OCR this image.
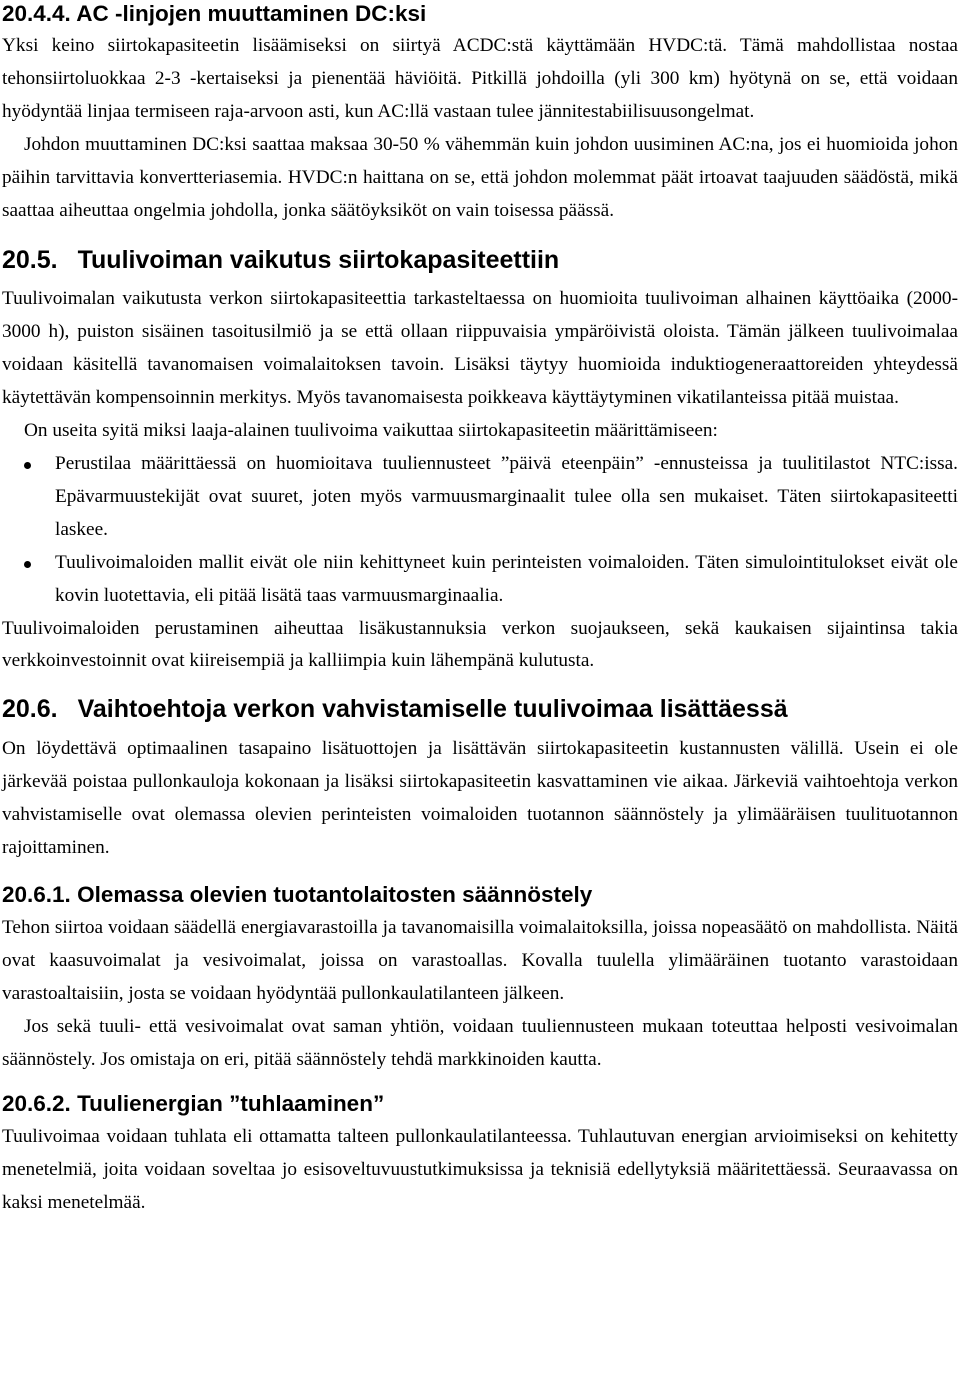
20.4.4. AC -linjojen muuttaminen DC:ksi

Yksi keino siirtokapasiteetin lisäämiseksi on siirtyä ACDC:stä käyttämään HVDC:tä. Tämä mahdollistaa nostaa tehonsiirtoluokkaa 2-3 -kertaiseksi ja pienentää häviöitä. Pitkillä johdoilla (yli 300 km) hyötynä on se, että voidaan hyödyntää linjaa termiseen raja-arvoon asti, kun AC:llä vastaan tulee jännitestabiilisuusongelmat.

Johdon muuttaminen DC:ksi saattaa maksaa 30-50 % vähemmän kuin johdon uusiminen AC:na, jos ei huomioida johon päihin tarvittavia konvertteriasemia. HVDC:n haittana on se, että johdon molemmat päät irtoavat taajuuden säädöstä, mikä saattaa aiheuttaa ongelmia johdolla, jonka säätöyksiköt on vain toisessa päässä.

20.5. Tuulivoiman vaikutus siirtokapasiteettiin

Tuulivoimalan vaikutusta verkon siirtokapasiteettia tarkasteltaessa on huomioita tuulivoiman alhainen käyttöaika (2000-3000 h), puiston sisäinen tasoitusilmiö ja se että ollaan riippuvaisia ympäröivistä oloista. Tämän jälkeen tuulivoimalaa voidaan käsitellä tavanomaisen voimalaitoksen tavoin. Lisäksi täytyy huomioida induktiogeneraattoreiden yhteydessä käytettävän kompensoinnin merkitys. Myös tavanomaisesta poikkeava käyttäytyminen vikatilanteissa pitää muistaa.

On useita syitä miksi laaja-alainen tuulivoima vaikuttaa siirtokapasiteetin määrittämiseen:

Perustilaa määrittäessä on huomioitava tuuliennusteet ”päivä eteenpäin” -ennusteissa ja tuulitilastot NTC:issa. Epävarmuustekijät ovat suuret, joten myös varmuusmarginaalit tulee olla sen mukaiset. Täten siirtokapasiteetti laskee.
Tuulivoimaloiden mallit eivät ole niin kehittyneet kuin perinteisten voimaloiden. Täten simulointitulokset eivät ole kovin luotettavia, eli pitää lisätä taas varmuusmarginaalia.

Tuulivoimaloiden perustaminen aiheuttaa lisäkustannuksia verkon suojaukseen, sekä kaukaisen sijaintinsa takia verkkoinvestoinnit ovat kiireisempiä ja kalliimpia kuin lähempänä kulutusta.

20.6. Vaihtoehtoja verkon vahvistamiselle tuulivoimaa lisättäessä

On löydettävä optimaalinen tasapaino lisätuottojen ja lisättävän siirtokapasiteetin kustannusten välillä. Usein ei ole järkevää poistaa pullonkauloja kokonaan ja lisäksi siirtokapasiteetin kasvattaminen vie aikaa. Järkeviä vaihtoehtoja verkon vahvistamiselle ovat olemassa olevien perinteisten voimaloiden tuotannon säännöstely ja ylimääräisen tuulituotannon rajoittaminen.

20.6.1. Olemassa olevien tuotantolaitosten säännöstely

Tehon siirtoa voidaan säädellä energiavarastoilla ja tavanomaisilla voimalaitoksilla, joissa nopeasäätö on mahdollista. Näitä ovat kaasuvoimalat ja vesivoimalat, joissa on varastoallas. Kovalla tuulella ylimääräinen tuotanto varastoidaan varastoaltaisiin, josta se voidaan hyödyntää pullonkaulatilanteen jälkeen.

Jos sekä tuuli- että vesivoimalat ovat saman yhtiön, voidaan tuuliennusteen mukaan toteuttaa helposti vesivoimalan säännöstely. Jos omistaja on eri, pitää säännöstely tehdä markkinoiden kautta.

20.6.2. Tuulienergian ”tuhlaaminen”

Tuulivoimaa voidaan tuhlata eli ottamatta talteen pullonkaulatilanteessa. Tuhlautuvan energian arvioimiseksi on kehitetty menetelmiä, joita voidaan soveltaa jo esisoveltuvuustutkimuksissa ja teknisiä edellytyksiä määritettäessä. Seuraavassa on kaksi menetelmää.
